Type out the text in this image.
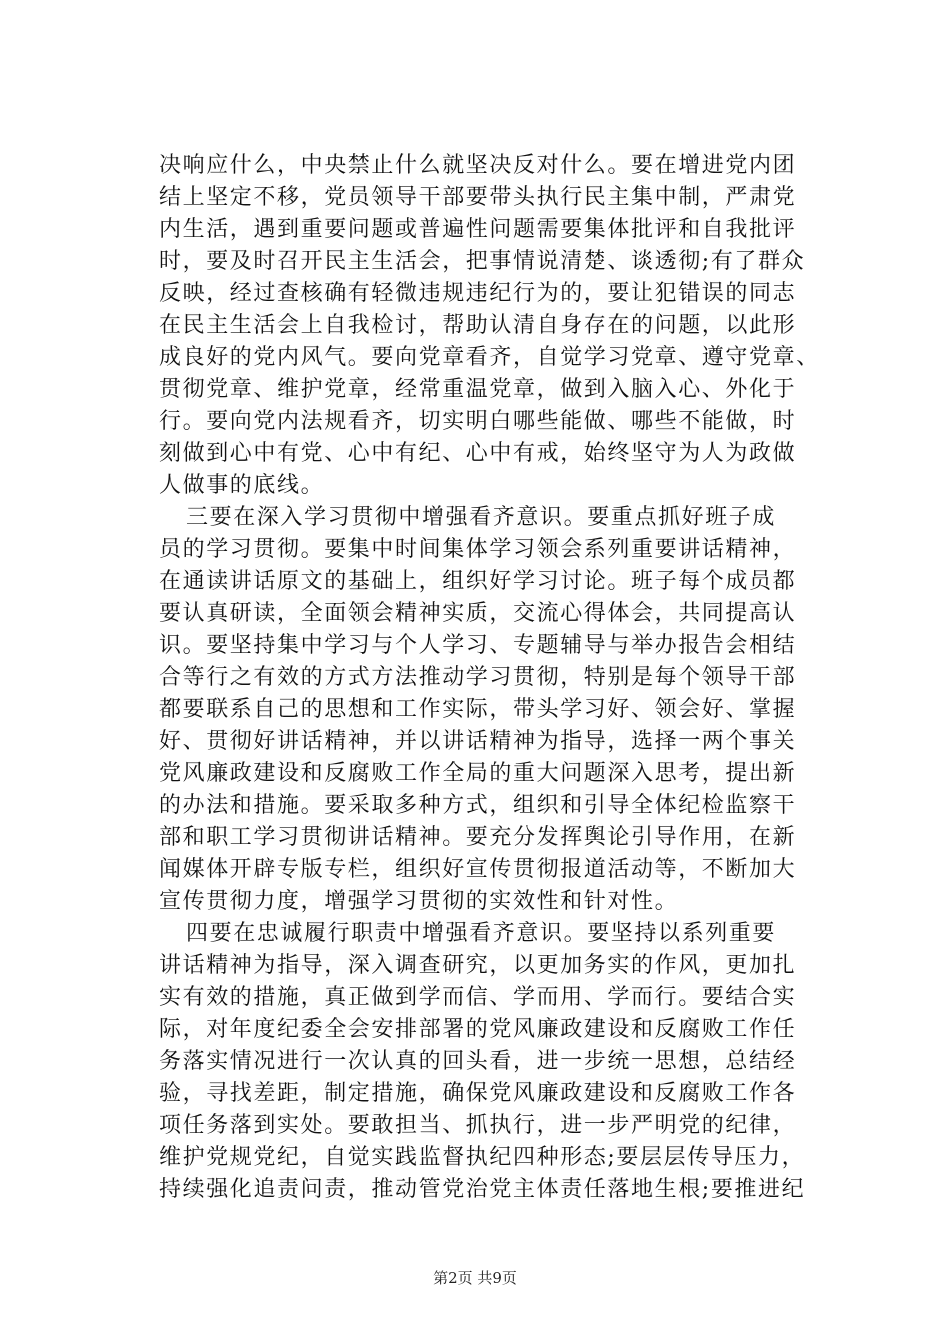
决响应什么，中央禁止什么就坚决反对什么。要在增进党内团
结上坚定不移，党员领导干部要带头执行民主集中制，严肃党
内生活，遇到重要问题或普遍性问题需要集体批评和自我批评
时，要及时召开民主生活会，把事情说清楚、谈透彻;有了群众
反映，经过查核确有轻微违规违纪行为的，要让犯错误的同志
在民主生活会上自我检讨，帮助认清自身存在的问题，以此形
成良好的党内风气。要向党章看齐，自觉学习党章、遵守党章、
贯彻党章、维护党章，经常重温党章，做到入脑入心、外化于
行。要向党内法规看齐，切实明白哪些能做、哪些不能做，时
刻做到心中有党、心中有纪、心中有戒，始终坚守为人为政做
人做事的底线。
三要在深入学习贯彻中增强看齐意识。要重点抓好班子成
员的学习贯彻。要集中时间集体学习领会系列重要讲话精神，
在通读讲话原文的基础上，组织好学习讨论。班子每个成员都
要认真研读，全面领会精神实质，交流心得体会，共同提高认
识。要坚持集中学习与个人学习、专题辅导与举办报告会相结
合等行之有效的方式方法推动学习贯彻，特别是每个领导干部
都要联系自己的思想和工作实际，带头学习好、领会好、掌握
好、贯彻好讲话精神，并以讲话精神为指导，选择一两个事关
党风廉政建设和反腐败工作全局的重大问题深入思考，提出新
的办法和措施。要采取多种方式，组织和引导全体纪检监察干
部和职工学习贯彻讲话精神。要充分发挥舆论引导作用，在新
闻媒体开辟专版专栏，组织好宣传贯彻报道活动等，不断加大
宣传贯彻力度，增强学习贯彻的实效性和针对性。
四要在忠诚履行职责中增强看齐意识。要坚持以系列重要
讲话精神为指导，深入调查研究，以更加务实的作风，更加扎
实有效的措施，真正做到学而信、学而用、学而行。要结合实
际，对年度纪委全会安排部署的党风廉政建设和反腐败工作任
务落实情况进行一次认真的回头看，进一步统一思想，总结经
验，寻找差距，制定措施，确保党风廉政建设和反腐败工作各
项任务落到实处。要敢担当、抓执行，进一步严明党的纪律，
维护党规党纪，自觉实践监督执纪四种形态;要层层传导压力，
持续强化追责问责，推动管党治党主体责任落地生根;要推进纪
第2页 共9页
